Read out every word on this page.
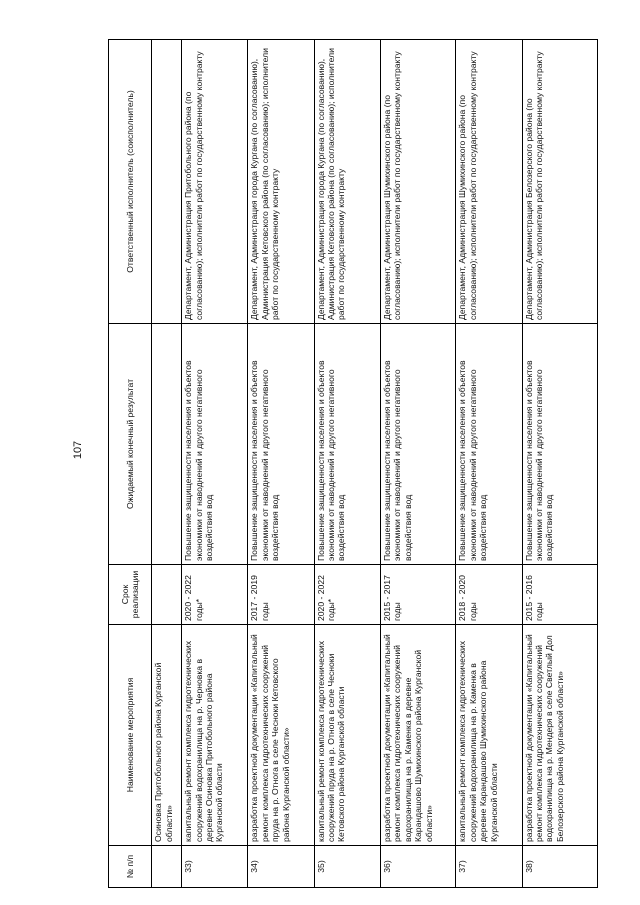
107
№ п/п	Наименование мероприятия	Срок реализации	Ожидаемый конечный результат	Ответственный исполнитель (соисполнитель)
	Осиновка Притобольного района Курганской области»			
33)	капитальный ремонт комплекса гидротехнических сооружений водохранилища на р. Черновка в деревне Осиновка Притобольного района Курганской области	2020 - 2022 годы*	Повышение защищенности населения и объектов экономики от наводнений и другого негативного воздействия вод	Департамент, Администрация Притобольного района (по согласованию); исполнители работ по государственному контракту
34)	разработка проектной документации «Капитальный ремонт комплекса гидротехнических сооружений пруда на р. Отнога в селе Чесноки Кетовского района Курганской области»	2017 - 2019 годы	Повышение защищенности населения и объектов экономики от наводнений и другого негативного воздействия вод	Департамент, Администрация города Кургана (по согласованию), Администрация Кетовского района (по согласованию); исполнители работ по государственному контракту
35)	капитальный ремонт комплекса гидротехнических сооружений пруда на р. Отнога в селе Чесноки Кетовского района Курганской области	2020 - 2022 годы*	Повышение защищенности населения и объектов экономики от наводнений и другого негативного воздействия вод	Департамент, Администрация города Кургана (по согласованию), Администрация Кетовского района (по согласованию); исполнители работ по государственному контракту
36)	разработка проектной документации «Капитальный ремонт комплекса гидротехнических сооружений водохранилища на р. Каменка в деревне Карандашово Шумихинского района Курганской области»	2015 - 2017 годы	Повышение защищенности населения и объектов экономики от наводнений и другого негативного воздействия вод	Департамент, Администрация Шумихинского района (по согласованию); исполнители работ по государственному контракту
37)	капитальный ремонт комплекса гидротехнических сооружений водохранилища на р. Каменка в деревне Карандашово Шумихинского района Курганской области	2018 - 2020 годы	Повышение защищенности населения и объектов экономики от наводнений и другого негативного воздействия вод	Департамент, Администрация Шумихинского района (по согласованию); исполнители работ по государственному контракту
38)	разработка проектной документации «Капитальный ремонт комплекса гидротехнических сооружений водохранилища на р. Мендеря в селе Светлый Дол Белозерского района Курганской области»	2015 - 2016 годы	Повышение защищенности населения и объектов экономики от наводнений и другого негативного воздействия вод	Департамент, Администрация Белозерского района (по согласованию); исполнители работ по государственному контракту
